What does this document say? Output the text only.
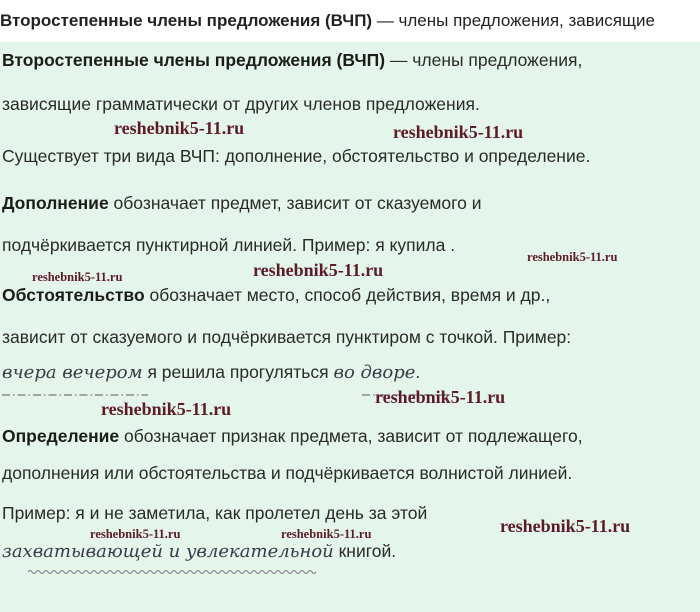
Второстепенные члены предложения (ВЧП) — члены предложения, зависящие
Второстепенные члены предложения (ВЧП) — члены предложения,
зависящие грамматически от других членов предложения.
Существует три вида ВЧП: дополнение, обстоятельство и определение.
Дополнение обозначает предмет, зависит от сказуемого и
подчёркивается пунктирной линией. Пример: я купила .
Обстоятельство обозначает место, способ действия, время и др.,
зависит от сказуемого и подчёркивается пунктиром с точкой. Пример:
вчера вечером я решила прогуляться во дворе.
Определение обозначает признак предмета, зависит от подлежащего,
дополнения или обстоятельства и подчёркивается волнистой линией.
Пример: я и не заметила, как пролетел день за этой
захватывающей и увлекательной книгой.
reshebnik5-11.ru	reshebnik5-11.ru
reshebnik5-11.ru
reshebnik5-11.ru	reshebnik5-11.ru
reshebnik5-11.ru
reshebnik5-11.ru
reshebnik5-11.ru
reshebnik5-11.ru	reshebnik5-11.ru
